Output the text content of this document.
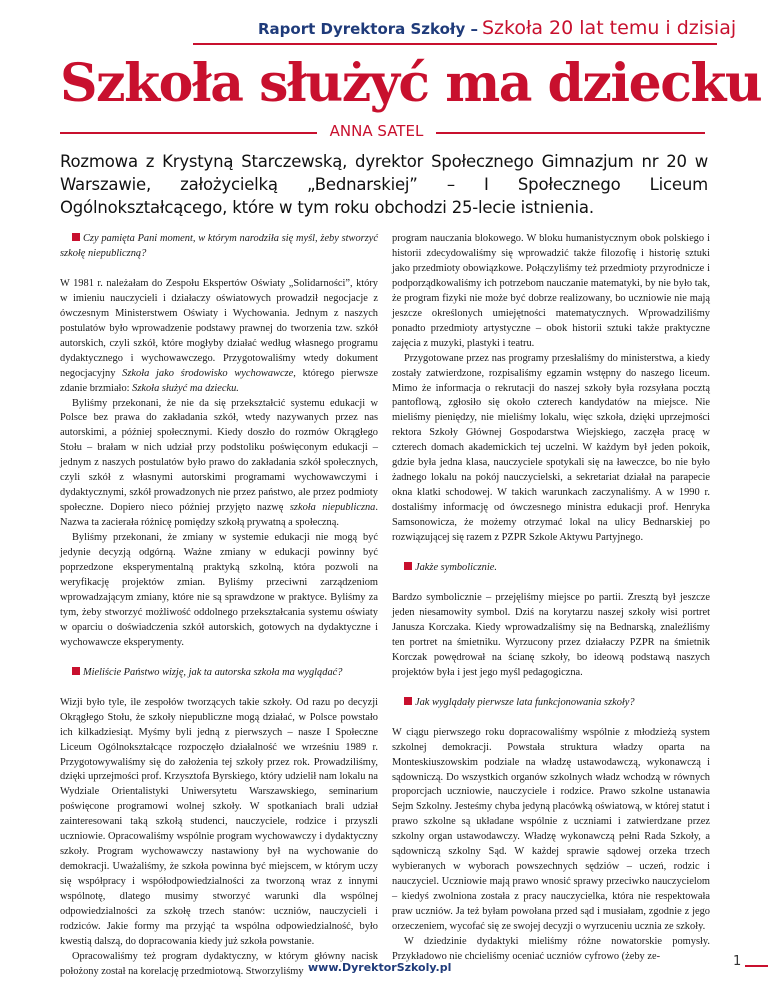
Raport Dyrektora Szkoły – Szkoła 20 lat temu i dzisiaj
Szkoła służyć ma dziecku
ANNA SATEL
Rozmowa z Krystyną Starczewską, dyrektor Społecznego Gimnazjum nr 20 w Warszawie, założycielką „Bednarskiej” – I Społecznego Liceum Ogólnokształcącego, które w tym roku obchodzi 25-lecie istnienia.

Czy pamięta Pani moment, w którym narodziła się myśl, żeby stworzyć szkołę niepubliczną?

W 1981 r. należałam do Zespołu Ekspertów Oświaty „Solidarności”, który w imieniu nauczycieli i działaczy oświatowych prowadził negocjacje z ówczesnym Ministerstwem Oświaty i Wychowania. Jednym z naszych postulatów było wprowadzenie podstawy prawnej do tworzenia tzw. szkół autorskich, czyli szkół, które mogłyby działać według własnego programu dydaktycznego i wychowawczego. Przygotowaliśmy wtedy dokument negocjacyjny Szkoła jako środowisko wychowawcze, którego pierwsze zdanie brzmiało: Szkoła służyć ma dziecku.

Byliśmy przekonani, że nie da się przekształcić systemu edukacji w Polsce bez prawa do zakładania szkół, wtedy nazywanych przez nas autorskimi, a później społecznymi. Kiedy doszło do rozmów Okrągłego Stołu – brałam w nich udział przy podstoliku poświęconym edukacji – jednym z naszych postulatów było prawo do zakładania szkół społecznych, czyli szkół z własnymi autorskimi programami wychowawczymi i dydaktycznymi, szkół prowadzonych nie przez państwo, ale przez podmioty społeczne. Dopiero nieco później przyjęto nazwę szkoła niepubliczna. Nazwa ta zacierała różnicę pomiędzy szkołą prywatną a społeczną.

Byliśmy przekonani, że zmiany w systemie edukacji nie mogą być jedynie decyzją odgórną. Ważne zmiany w edukacji powinny być poprzedzone eksperymentalną praktyką szkolną, która pozwoli na weryfikację projektów zmian. Byliśmy przeciwni zarządzeniom wprowadzającym zmiany, które nie są sprawdzone w praktyce. Byliśmy za tym, żeby stworzyć możliwość oddolnego przekształcania systemu oświaty w oparciu o doświadczenia szkół autorskich, gotowych na dydaktyczne i wychowawcze eksperymenty.

Mieliście Państwo wizję, jak ta autorska szkoła ma wyglądać?

Wizji było tyle, ile zespołów tworzących takie szkoły. Od razu po decyzji Okrągłego Stołu, że szkoły niepubliczne mogą działać, w Polsce powstało ich kilkadziesiąt. Myśmy byli jedną z pierwszych – nasze I Społeczne Liceum Ogólnokształcące rozpoczęło działalność we wrześniu 1989 r. Przygotowywaliśmy się do założenia tej szkoły przez rok. Prowadziliśmy, dzięki uprzejmości prof. Krzysztofa Byrskiego, który udzielił nam lokalu na Wydziale Orientalistyki Uniwersytetu Warszawskiego, seminarium poświęcone programowi wolnej szkoły. W spotkaniach brali udział zainteresowani taką szkołą studenci, nauczyciele, rodzice i przyszli uczniowie. Opracowaliśmy wspólnie program wychowawczy i dydaktyczny szkoły. Program wychowawczy nastawiony był na wychowanie do demokracji. Uważaliśmy, że szkoła powinna być miejscem, w którym uczy się współpracy i współodpowiedzialności za tworzoną wraz z innymi wspólnotę, dlatego musimy stworzyć warunki dla wspólnej odpowiedzialności za szkołę trzech stanów: uczniów, nauczycieli i rodziców. Jakie formy ma przyjąć ta wspólna odpowiedzialność, było kwestią dalszą, do dopracowania kiedy już szkoła powstanie.

Opracowaliśmy też program dydaktyczny, w którym główny nacisk położony został na korelację przedmiotową. Stworzyliśmy

program nauczania blokowego. W bloku humanistycznym obok polskiego i historii zdecydowaliśmy się wprowadzić także filozofię i historię sztuki jako przedmioty obowiązkowe. Połączyliśmy też przedmioty przyrodnicze i podporządkowaliśmy ich potrzebom nauczanie matematyki, by nie było tak, że program fizyki nie może być dobrze realizowany, bo uczniowie nie mają jeszcze określonych umiejętności matematycznych. Wprowadziliśmy ponadto przedmioty artystyczne – obok historii sztuki także praktyczne zajęcia z muzyki, plastyki i teatru.

Przygotowane przez nas programy przesłaliśmy do ministerstwa, a kiedy zostały zatwierdzone, rozpisaliśmy egzamin wstępny do naszego liceum. Mimo że informacja o rekrutacji do naszej szkoły była rozsyłana pocztą pantoflową, zgłosiło się około czterech kandydatów na miejsce. Nie mieliśmy pieniędzy, nie mieliśmy lokalu, więc szkoła, dzięki uprzejmości rektora Szkoły Głównej Gospodarstwa Wiejskiego, zaczęła pracę w czterech domach akademickich tej uczelni. W każdym był jeden pokoik, gdzie była jedna klasa, nauczyciele spotykali się na ławeczce, bo nie było żadnego lokalu na pokój nauczycielski, a sekretariat działał na parapecie okna klatki schodowej. W takich warunkach zaczynaliśmy. A w 1990 r. dostaliśmy informację od ówczesnego ministra edukacji prof. Henryka Samsonowicza, że możemy otrzymać lokal na ulicy Bednarskiej po rozwiązującej się razem z PZPR Szkole Aktywu Partyjnego.

Jakże symbolicznie.

Bardzo symbolicznie – przejęliśmy miejsce po partii. Zresztą był jeszcze jeden niesamowity symbol. Dziś na korytarzu naszej szkoły wisi portret Janusza Korczaka. Kiedy wprowadzaliśmy się na Bednarską, znaleźliśmy ten portret na śmietniku. Wyrzucony przez działaczy PZPR na śmietnik Korczak powędrował na ścianę szkoły, bo ideową podstawą naszych projektów była i jest jego myśl pedagogiczna.

Jak wyglądały pierwsze lata funkcjonowania szkoły?

W ciągu pierwszego roku dopracowaliśmy wspólnie z młodzieżą system szkolnej demokracji. Powstała struktura władzy oparta na Monteskiuszowskim podziale na władzę ustawodawczą, wykonawczą i sądowniczą. Do wszystkich organów szkolnych władz wchodzą w równych proporcjach uczniowie, nauczyciele i rodzice. Prawo szkolne ustanawia Sejm Szkolny. Jesteśmy chyba jedyną placówką oświatową, w której statut i prawo szkolne są układane wspólnie z uczniami i zatwierdzane przez szkolny organ ustawodawczy. Władzę wykonawczą pełni Rada Szkoły, a sądowniczą szkolny Sąd. W każdej sprawie sądowej orzeka trzech wybieranych w wyborach powszechnych sędziów – uczeń, rodzic i nauczyciel. Uczniowie mają prawo wnosić sprawy przeciwko nauczycielom – kiedyś zwolniona została z pracy nauczycielka, która nie respektowała praw uczniów. Ja też byłam powołana przed sąd i musiałam, zgodnie z jego orzeczeniem, wycofać się ze swojej decyzji o wyrzuceniu ucznia ze szkoły.

W dziedzinie dydaktyki mieliśmy różne nowatorskie pomysły. Przykładowo nie chcieliśmy oceniać uczniów cyfrowo (żeby ze-

www.DyrektorSzkoly.pl	1
